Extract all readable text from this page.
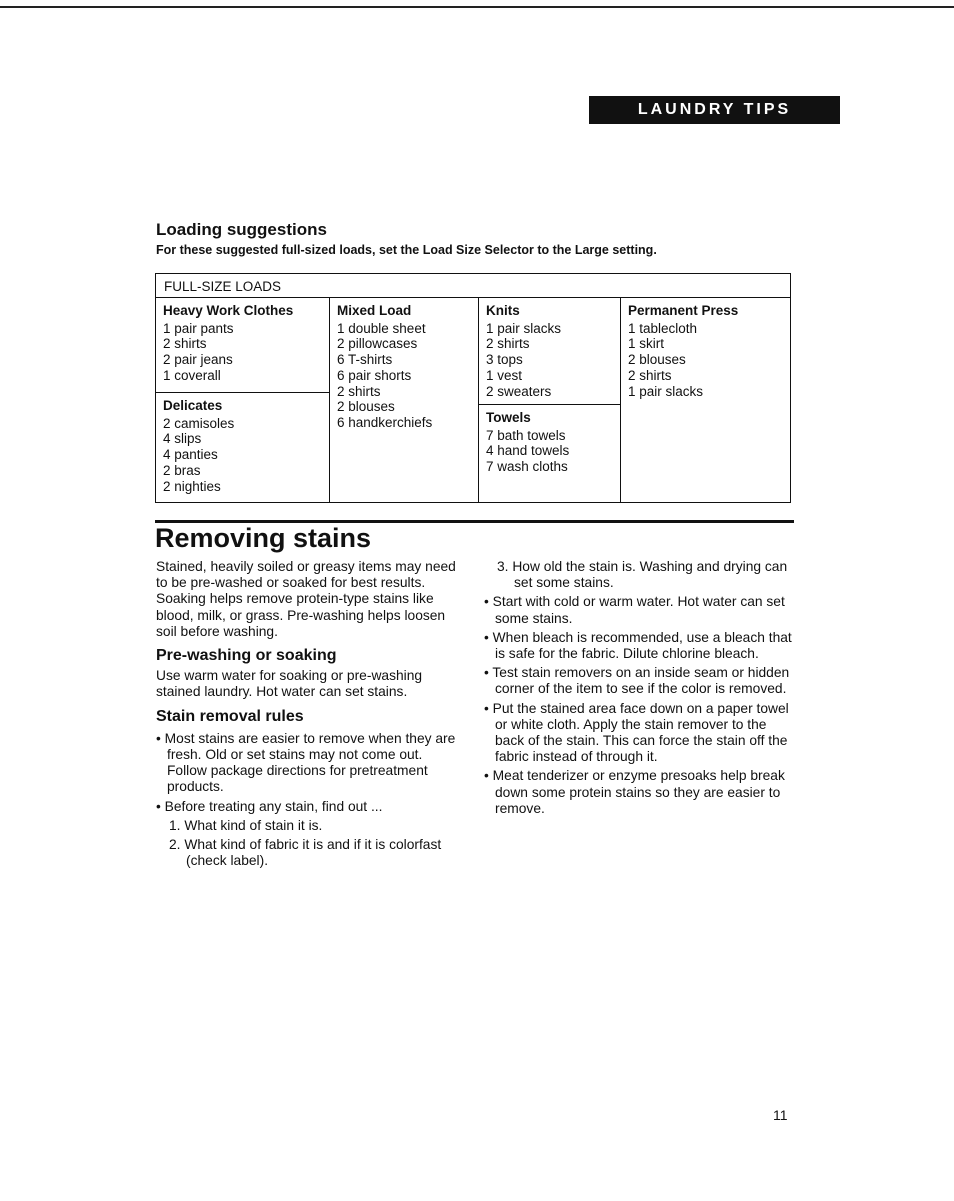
LAUNDRY TIPS
Loading suggestions

For these suggested full-sized loads, set the Load Size Selector to the Large setting.

FULL-SIZE LOADS
Heavy Work Clothes
1 pair pants
2 shirts
2 pair jeans
1 coverall
Delicates
2 camisoles
4 slips
4 panties
2 bras
2 nighties
Mixed Load
1 double sheet
2 pillowcases
6 T-shirts
6 pair shorts
2 shirts
2 blouses
6 handkerchiefs
Knits
1 pair slacks
2 shirts
3 tops
1 vest
2 sweaters
Towels
7 bath towels
4 hand towels
7 wash cloths
Permanent Press
1 tablecloth
1 skirt
2 blouses
2 shirts
1 pair slacks
Removing stains

Stained, heavily soiled or greasy items may need to be pre-washed or soaked for best results. Soaking helps remove protein-type stains like blood, milk, or grass. Pre-washing helps loosen soil before washing.

Pre-washing or soaking

Use warm water for soaking or pre-washing stained laundry. Hot water can set stains.

Stain removal rules

• Most stains are easier to remove when they are fresh. Old or set stains may not come out. Follow package directions for pretreatment products.

• Before treating any stain, find out ...

1. What kind of stain it is.

2. What kind of fabric it is and if it is colorfast (check label).

3. How old the stain is. Washing and drying can set some stains.

• Start with cold or warm water. Hot water can set some stains.

• When bleach is recommended, use a bleach that is safe for the fabric. Dilute chlorine bleach.

• Test stain removers on an inside seam or hidden corner of the item to see if the color is removed.

• Put the stained area face down on a paper towel or white cloth. Apply the stain remover to the back of the stain. This can force the stain off the fabric instead of through it.

• Meat tenderizer or enzyme presoaks help break down some protein stains so they are easier to remove.

11
